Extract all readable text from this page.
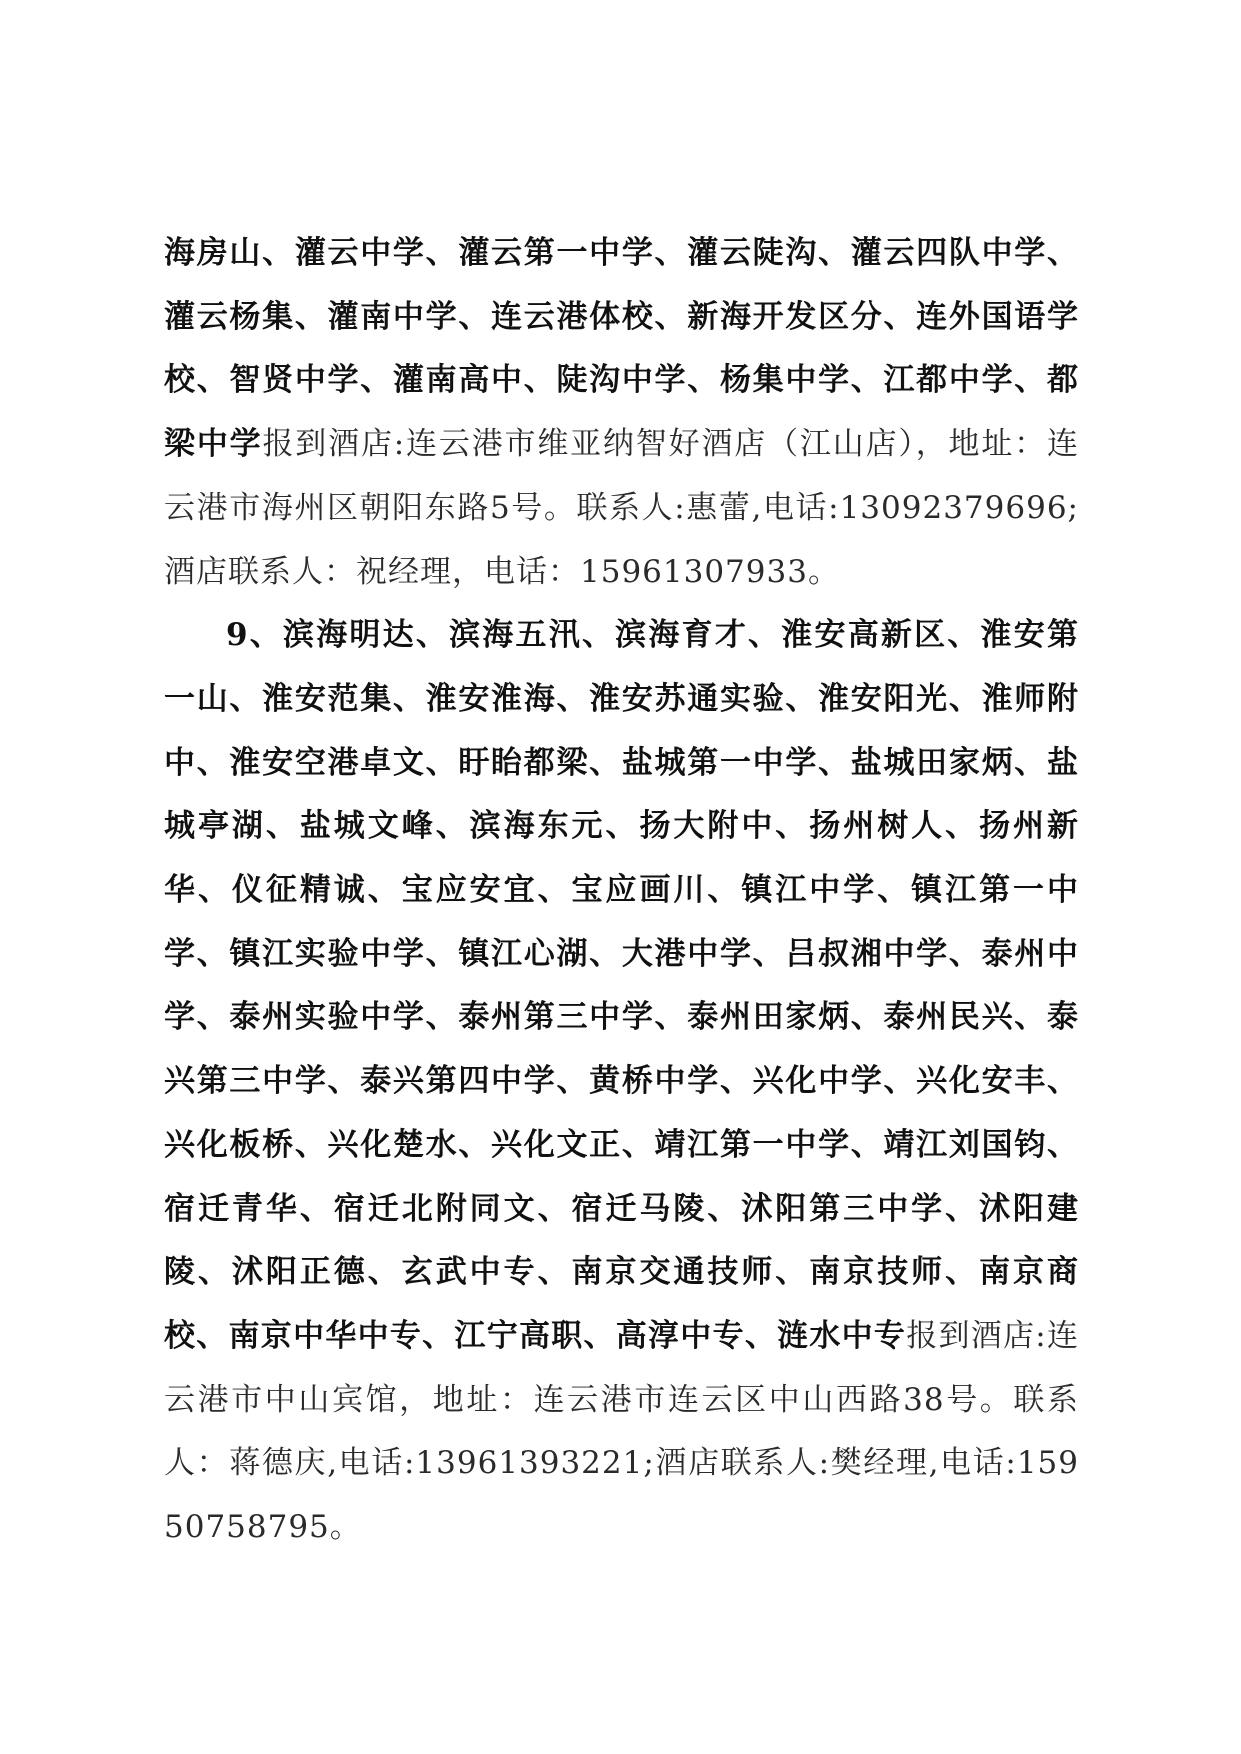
海房山、灌云中学、灌云第一中学、灌云陡沟、灌云四队中学、灌云杨集、灌南中学、连云港体校、新海开发区分、连外国语学校、智贤中学、灌南高中、陡沟中学、杨集中学、江都中学、都梁中学报到酒店:连云港市维亚纳智好酒店（江山店），地址：连云港市海州区朝阳东路5号。联系人:惠蕾,电话:13092379696;酒店联系人：祝经理，电话：15961307933。

9、滨海明达、滨海五汛、滨海育才、淮安高新区、淮安第一山、淮安范集、淮安淮海、淮安苏通实验、淮安阳光、淮师附中、淮安空港卓文、盱眙都梁、盐城第一中学、盐城田家炳、盐城亭湖、盐城文峰、滨海东元、扬大附中、扬州树人、扬州新华、仪征精诚、宝应安宜、宝应画川、镇江中学、镇江第一中学、镇江实验中学、镇江心湖、大港中学、吕叔湘中学、泰州中学、泰州实验中学、泰州第三中学、泰州田家炳、泰州民兴、泰兴第三中学、泰兴第四中学、黄桥中学、兴化中学、兴化安丰、兴化板桥、兴化楚水、兴化文正、靖江第一中学、靖江刘国钧、宿迁青华、宿迁北附同文、宿迁马陵、沭阳第三中学、沭阳建陵、沭阳正德、玄武中专、南京交通技师、南京技师、南京商校、南京中华中专、江宁高职、高淳中专、涟水中专报到酒店:连云港市中山宾馆，地址：连云港市连云区中山西路38号。联系人：蒋德庆,电话:13961393221;酒店联系人:樊经理,电话:15950758795。
